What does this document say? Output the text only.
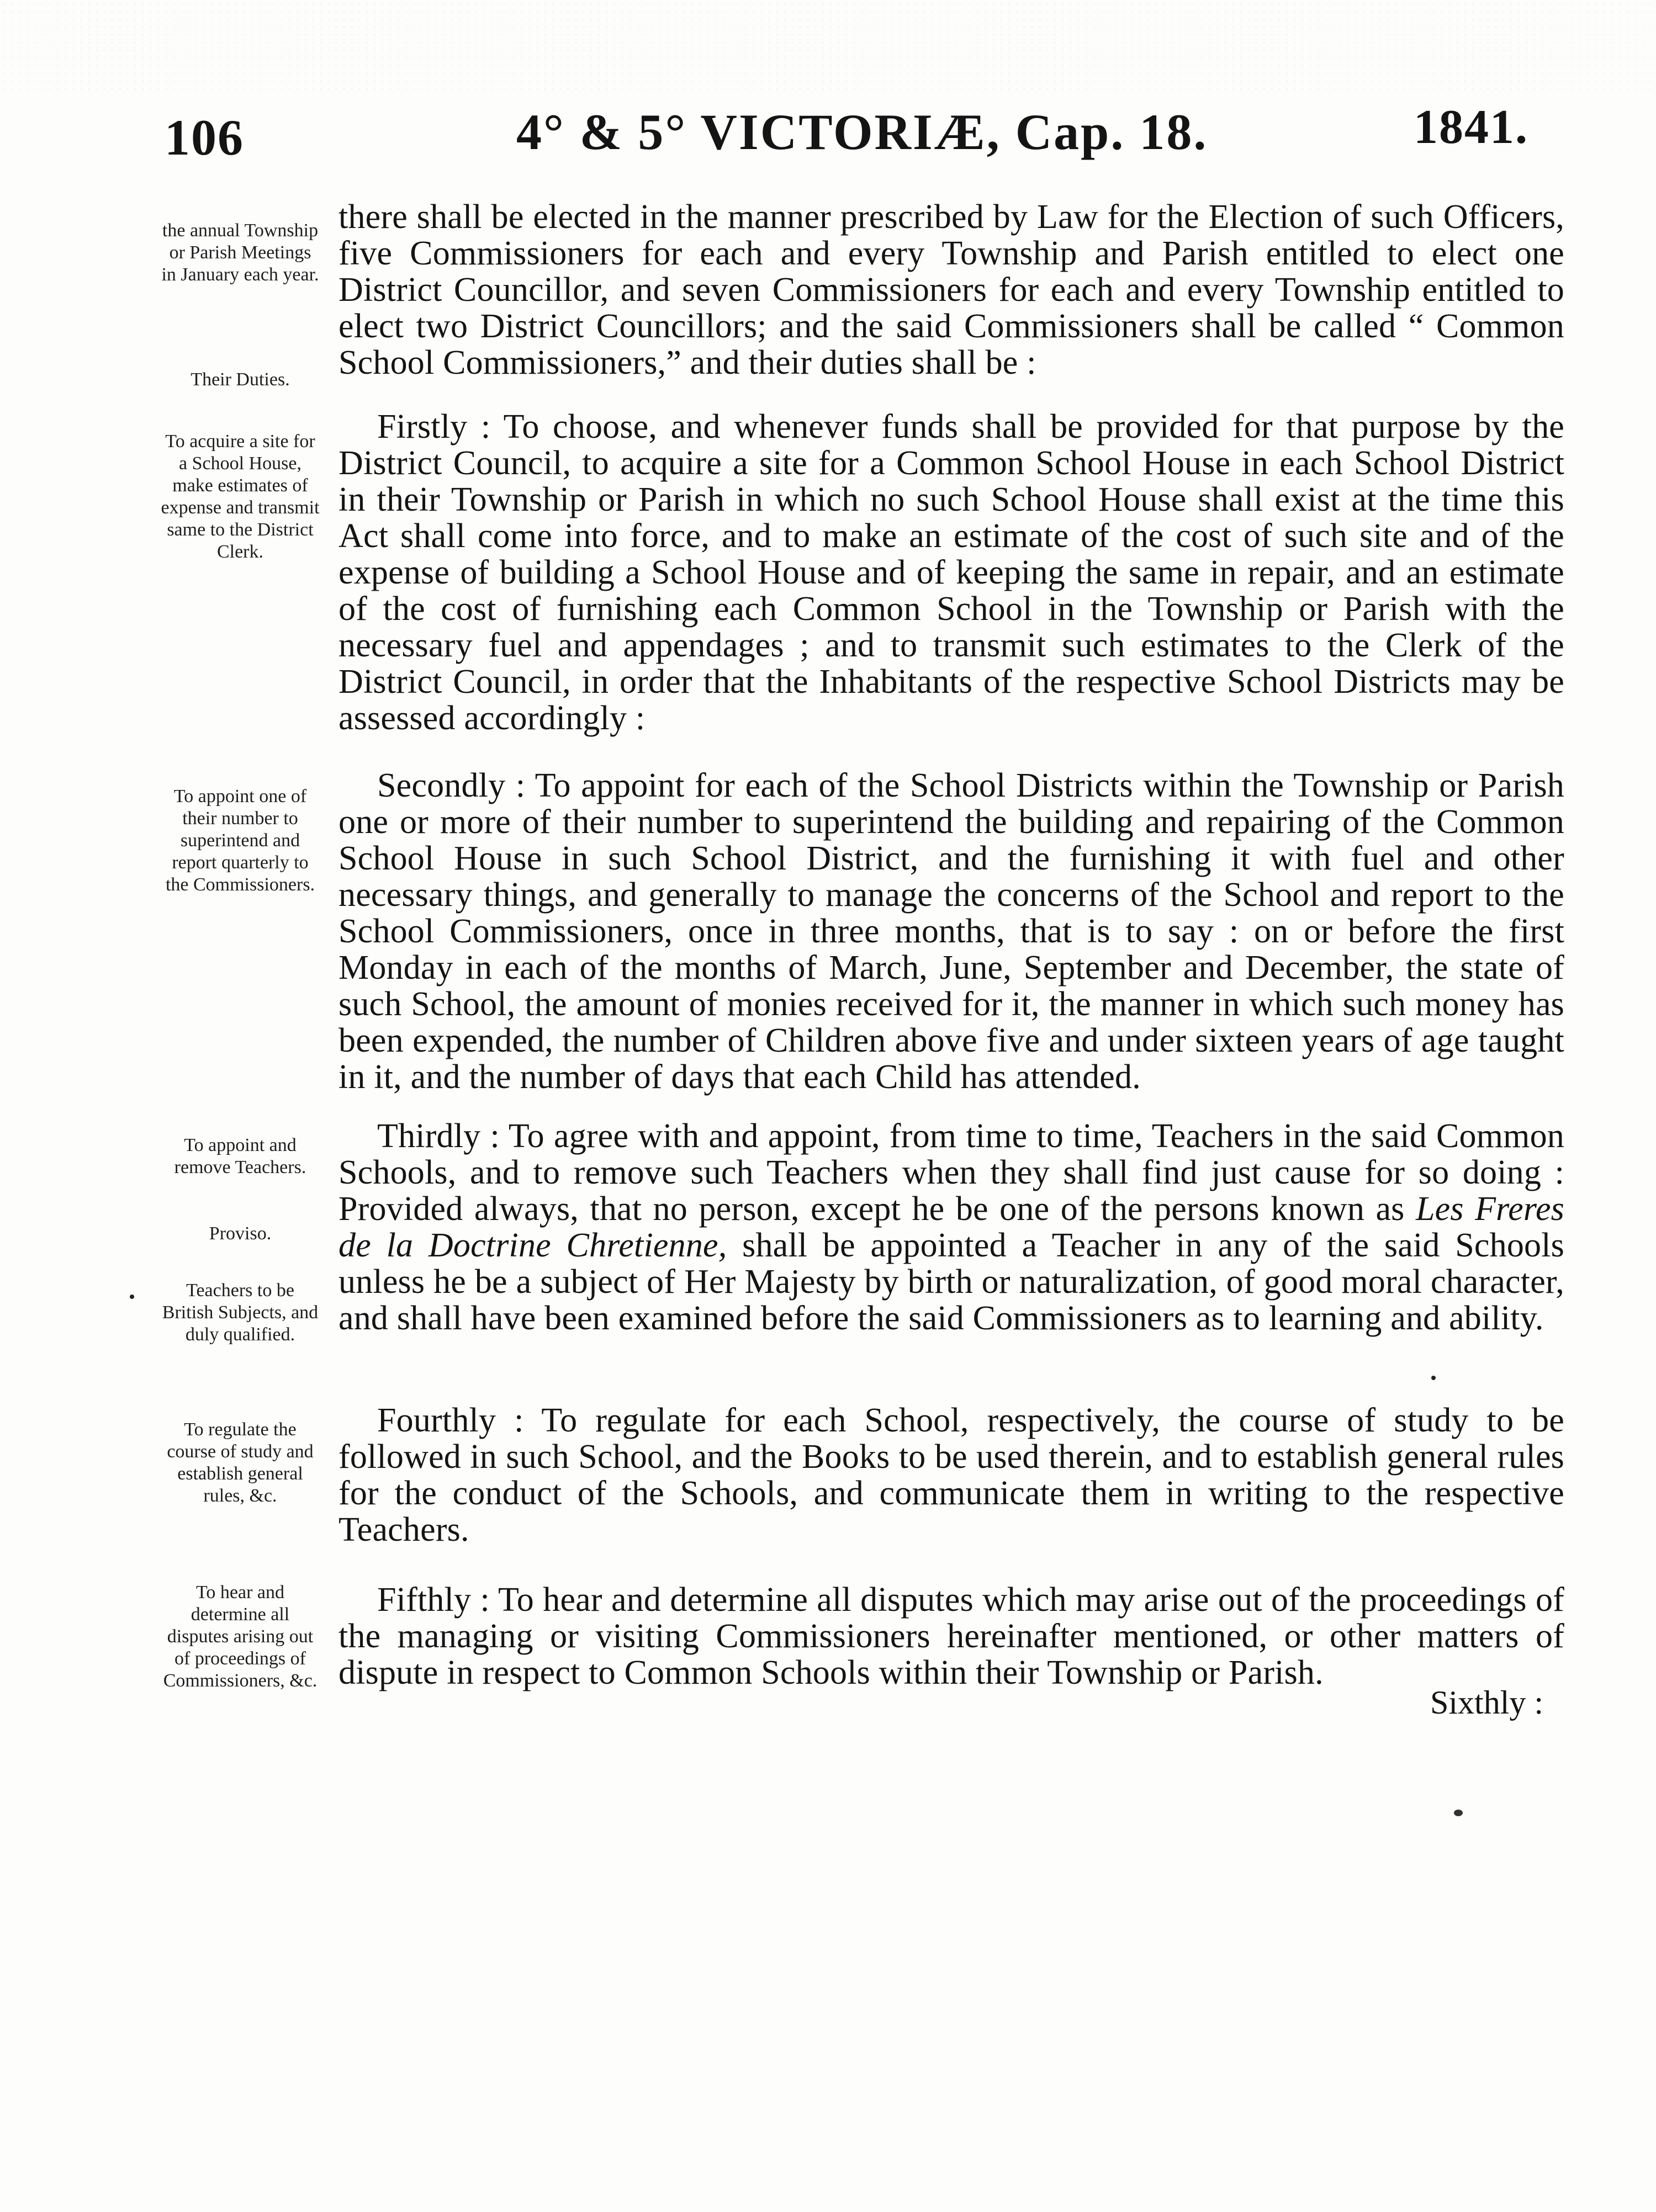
106	4° & 5° VICTORIÆ, Cap. 18.	1841.
the annual Township or Parish Meetings in January each year.
Their Duties.
To acquire a site for a School House, make estimates of expense and transmit same to the District Clerk.
To appoint one of their number to superintend and report quarterly to the Commissioners.
To appoint and remove Teachers.
Proviso.
Teachers to be British Subjects, and duly qualified.
To regulate the course of study and establish general rules, &c.
To hear and determine all disputes arising out of proceedings of Commissioners, &c.

there shall be elected in the manner prescribed by Law for the Election of such Officers, five Commissioners for each and every Township and Parish entitled to elect one District Councillor, and seven Commissioners for each and every Township entitled to elect two District Councillors; and the said Commissioners shall be called “ Common School Commissioners,” and their duties shall be :

Firstly : To choose, and whenever funds shall be provided for that purpose by the District Council, to acquire a site for a Common School House in each School District in their Township or Parish in which no such School House shall exist at the time this Act shall come into force, and to make an estimate of the cost of such site and of the expense of building a School House and of keeping the same in repair, and an estimate of the cost of furnishing each Common School in the Township or Parish with the necessary fuel and appendages ; and to transmit such estimates to the Clerk of the District Council, in order that the Inhabitants of the respective School Districts may be assessed accordingly :

Secondly : To appoint for each of the School Districts within the Township or Parish one or more of their number to superintend the building and repairing of the Common School House in such School District, and the furnishing it with fuel and other necessary things, and generally to manage the concerns of the School and report to the School Commissioners, once in three months, that is to say : on or before the first Monday in each of the months of March, June, September and December, the state of such School, the amount of monies received for it, the manner in which such money has been expended, the number of Children above five and under sixteen years of age taught in it, and the number of days that each Child has attended.

Thirdly : To agree with and appoint, from time to time, Teachers in the said Common Schools, and to remove such Teachers when they shall find just cause for so doing : Provided always, that no person, except he be one of the persons known as Les Freres de la Doctrine Chretienne, shall be appointed a Teacher in any of the said Schools unless he be a subject of Her Majesty by birth or naturalization, of good moral character, and shall have been examined before the said Commissioners as to learning and ability.

Fourthly : To regulate for each School, respectively, the course of study to be followed in such School, and the Books to be used therein, and to establish general rules for the conduct of the Schools, and communicate them in writing to the respective Teachers.

Fifthly : To hear and determine all disputes which may arise out of the proceedings of the managing or visiting Commissioners hereinafter mentioned, or other matters of dispute in respect to Common Schools within their Township or Parish.

Sixthly :
